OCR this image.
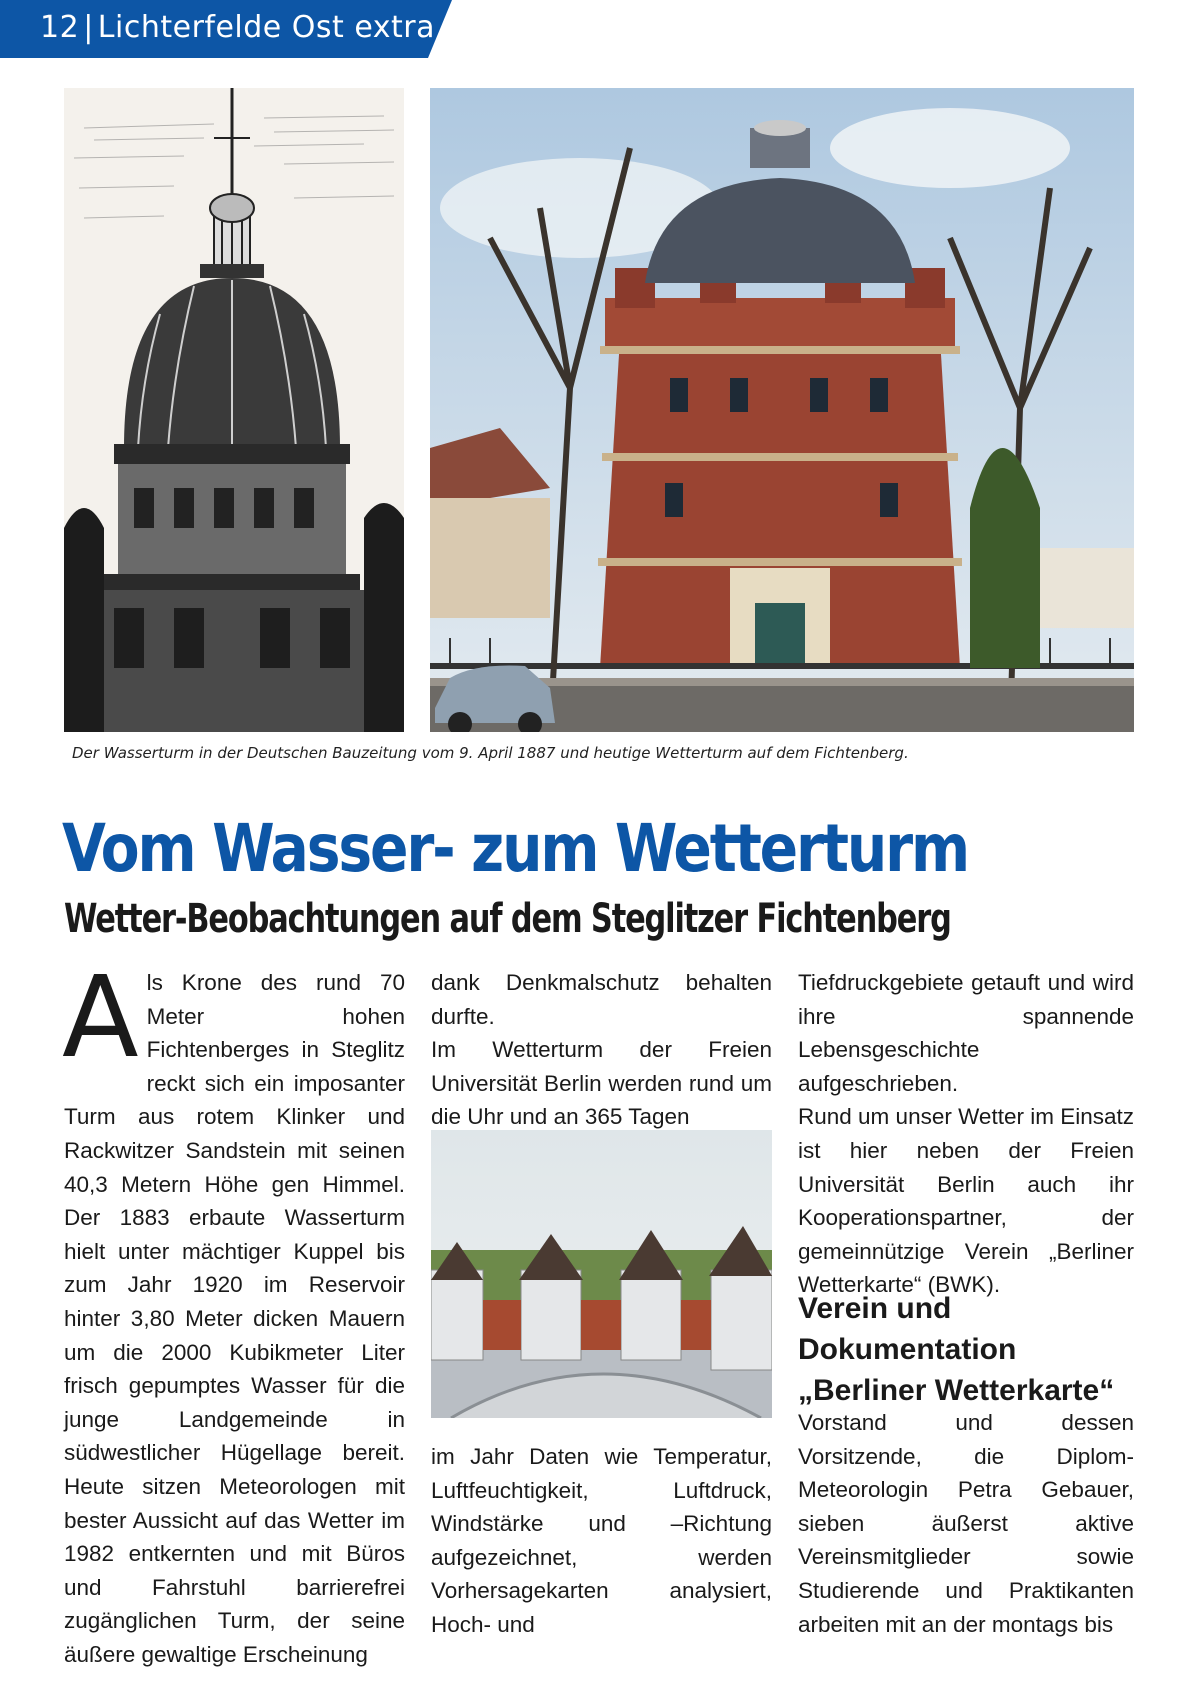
12 | Lichterfelde Ost extra
Der Wasserturm in der Deutschen Bauzeitung vom 9. April 1887 und heutige Wetterturm auf dem Fichtenberg.
Vom Wasser- zum Wetterturm
Wetter-Beobachtungen auf dem Steglitzer Fichtenberg

Als Krone des rund 70 Meter hohen Fichtenberges in Steglitz reckt sich ein imposanter Turm aus rotem Klinker und Rackwitzer Sandstein mit seinen 40,3 Metern Höhe gen Himmel. Der 1883 erbaute Wasserturm hielt unter mächtiger Kuppel bis zum Jahr 1920 im Reservoir hinter 3,80 Meter dicken Mauern um die 2000 Kubikmeter Liter frisch gepumptes Wasser für die junge Landgemeinde in südwestlicher Hügellage bereit. Heute sitzen Meteorologen mit bester Aussicht auf das Wetter im 1982 entkernten und mit Büros und Fahrstuhl barrierefrei zugänglichen Turm, der seine äußere gewaltige Erscheinung

dank Denkmalschutz behalten durfte.

Im Wetterturm der Freien Universität Berlin werden rund um die Uhr und an 365 Tagen

im Jahr Daten wie Temperatur, Luftfeuchtigkeit, Luftdruck, Windstärke und –Richtung aufgezeichnet, werden Vorhersagekarten analysiert, Hoch- und

Tiefdruckgebiete getauft und wird ihre spannende Lebensgeschichte aufgeschrieben.

Rund um unser Wetter im Einsatz ist hier neben der Freien Universität Berlin auch ihr Kooperationspartner, der gemeinnützige Verein „Berliner Wetterkarte“ (BWK).

Verein und Dokumentation „Berliner Wetterkarte“

Vorstand und dessen Vorsitzende, die Diplom-Meteorologin Petra Gebauer, sieben äußerst aktive Vereinsmitglieder sowie Studierende und Praktikanten arbeiten mit an der montags bis
